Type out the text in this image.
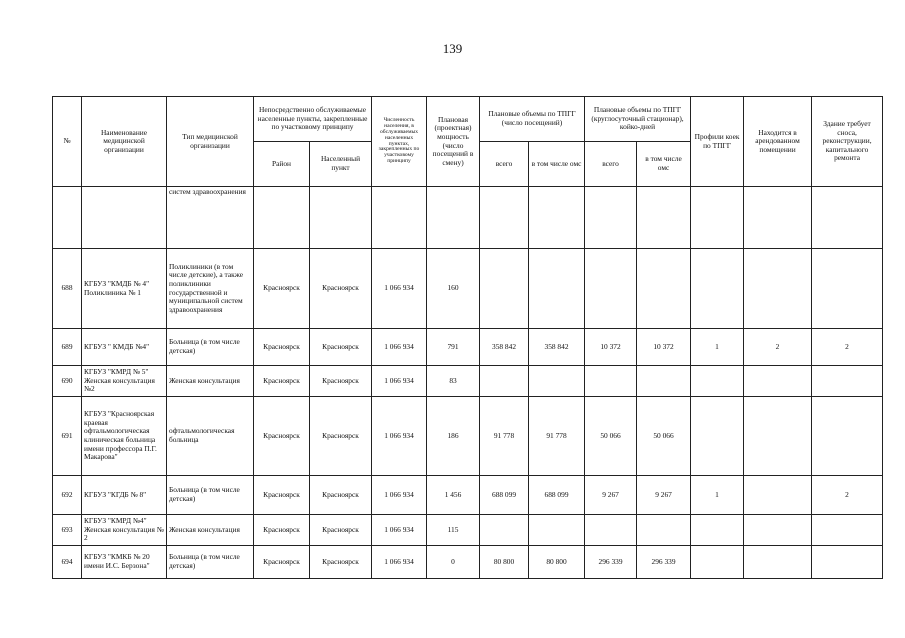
139
№	Наименование медицинской организации	Тип медицинской организации	Непосредственно обслуживаемые населенные пункты, закрепленные по участковому принципу		Численность населения, в обслуживаемых населенных пунктах, закрепленных по участковому принципу	Плановая (проектная) мощность (число посещений в смену)	Плановые объемы по ТПГГ (число посещений)		Плановые объемы по ТПГГ (круглосуточный стационар), койко-дней		Профили коек по ТПГГ	Находится в арендованном помещении	Здание требует сноса, реконструкции, капитального ремонта
			Район	Населенный пункт			всего	в том числе омс	всего	в том числе омс			
		систем здравоохранения											
688	КГБУЗ "КМДБ № 4" Поликлиника № 1	Поликлиники (в том числе детские), а также поликлиники государственной и муниципальной систем здравоохранения	Красноярск	Красноярск	1 066 934	160							
689	КГБУЗ " КМДБ №4"	Больница (в том числе детская)	Красноярск	Красноярск	1 066 934	791	358 842	358 842	10 372	10 372	1	2	2
690	КГБУЗ "КМРД № 5" Женская консультация №2	Женская консультация	Красноярск	Красноярск	1 066 934	83							
691	КГБУЗ "Красноярская краевая офтальмологическая клиническая больница имени профессора П.Г. Макарова"	офтальмологическая больница	Красноярск	Красноярск	1 066 934	186	91 778	91 778	50 066	50 066			
692	КГБУЗ "КГДБ № 8"	Больница (в том числе детская)	Красноярск	Красноярск	1 066 934	1 456	688 099	688 099	9 267	9 267	1		2
693	КГБУЗ "КМРД №4" Женская консультация № 2	Женская консультация	Красноярск	Красноярск	1 066 934	115							
694	КГБУЗ "КМКБ № 20 имени И.С. Берзона"	Больница (в том числе детская)	Красноярск	Красноярск	1 066 934	0	80 800	80 800	296 339	296 339			
